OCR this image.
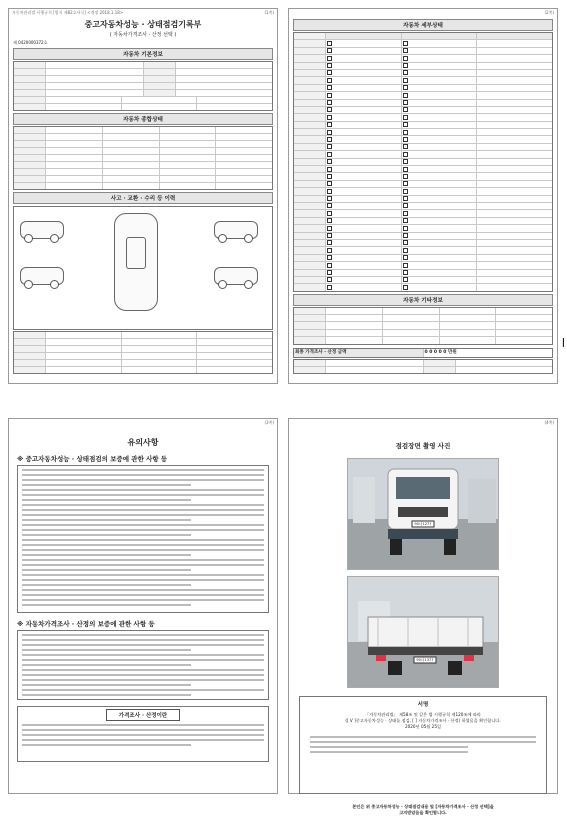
자동차관리법 시행규칙 [별지 제82호서식] <개정 2018.1.18>	(1쪽)
중고자동차성능 · 상태점검기록부
( 자동차가격조사 · 산정 선택 )
제 0420000372호
자동차 기본정보
자동차 종합상태
사고 · 교환 · 수리 등 이력
(2쪽)
자동차 세부상태
자동차 기타정보
최종 가격조사 · 산정 금액	0 0 0 0 0 만원
(3쪽)
유의사항
※ 중고자동차성능 · 상태점검의 보증에 관한 사항 등
※ 자동차가격조사 · 산정의 보증에 관한 사항 등
가격조사 · 산정이란
(4쪽)
점검장면 촬영 사진
90너1277
90너1377
서명
「자동차관리법」 제58조 및 같은 법 시행규칙 제120조에 따라
([ V ]중고자동차성능 · 상태를 점검, [ ] 자동차가격조사 · 산정) 하였음을 확인합니다.
2020년 05월 25일
본인은 위 중고자동차성능 · 상태점검내용 및 [자동차가격조사 · 산정 선택]을
고지받았음을 확인합니다.
|
